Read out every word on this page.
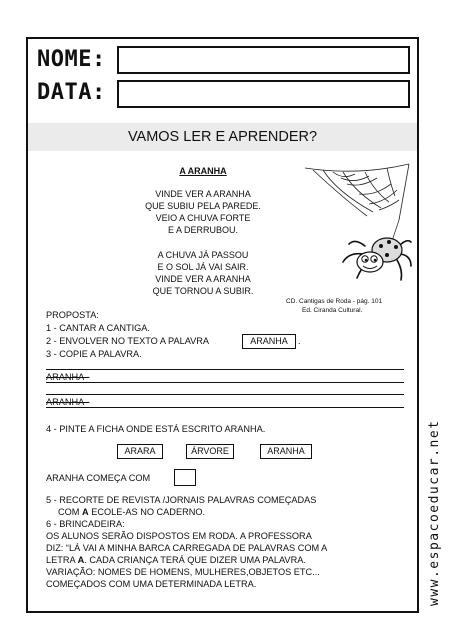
NOME:
DATA:
VAMOS LER E APRENDER?
A ARANHA
VINDE VER A ARANHA
QUE SUBIU PELA PAREDE.
VEIO A CHUVA FORTE
E A DERRUBOU.
A CHUVA JÁ PASSOU
E O SOL JÁ VAI SAIR.
VINDE VER A ARANHA
QUE TORNOU A SUBIR.
CD. Cantigas de Roda - pág. 101
Ed. Ciranda Cultural.
PROPOSTA:
1 - CANTAR A CANTIGA.
2 - ENVOLVER NO TEXTO A PALAVRA	ARANHA	.
3 - COPIE A PALAVRA.
ARANHA -
ARANHA -
4 - PINTE A FICHA ONDE ESTÁ ESCRITO ARANHA.
ARARA	ÁRVORE	ARANHA
ARANHA COMEÇA COM
5 - RECORTE DE REVISTA /JORNAIS PALAVRAS COMEÇADAS
COM A ECOLE-AS NO CADERNO.
6 - BRINCADEIRA:
OS ALUNOS SERÃO DISPOSTOS EM RODA. A PROFESSORA
DIZ: “LÁ VAI A MINHA BARCA CARREGADA DE PALAVRAS COM A
LETRA A. CADA CRIANÇA TERÁ QUE DIZER UMA PALAVRA.
VARIAÇÃO: NOMES DE HOMENS, MULHERES,OBJETOS ETC...
COMEÇADOS COM UMA DETERMINADA LETRA.	www.espacoeducar.net
